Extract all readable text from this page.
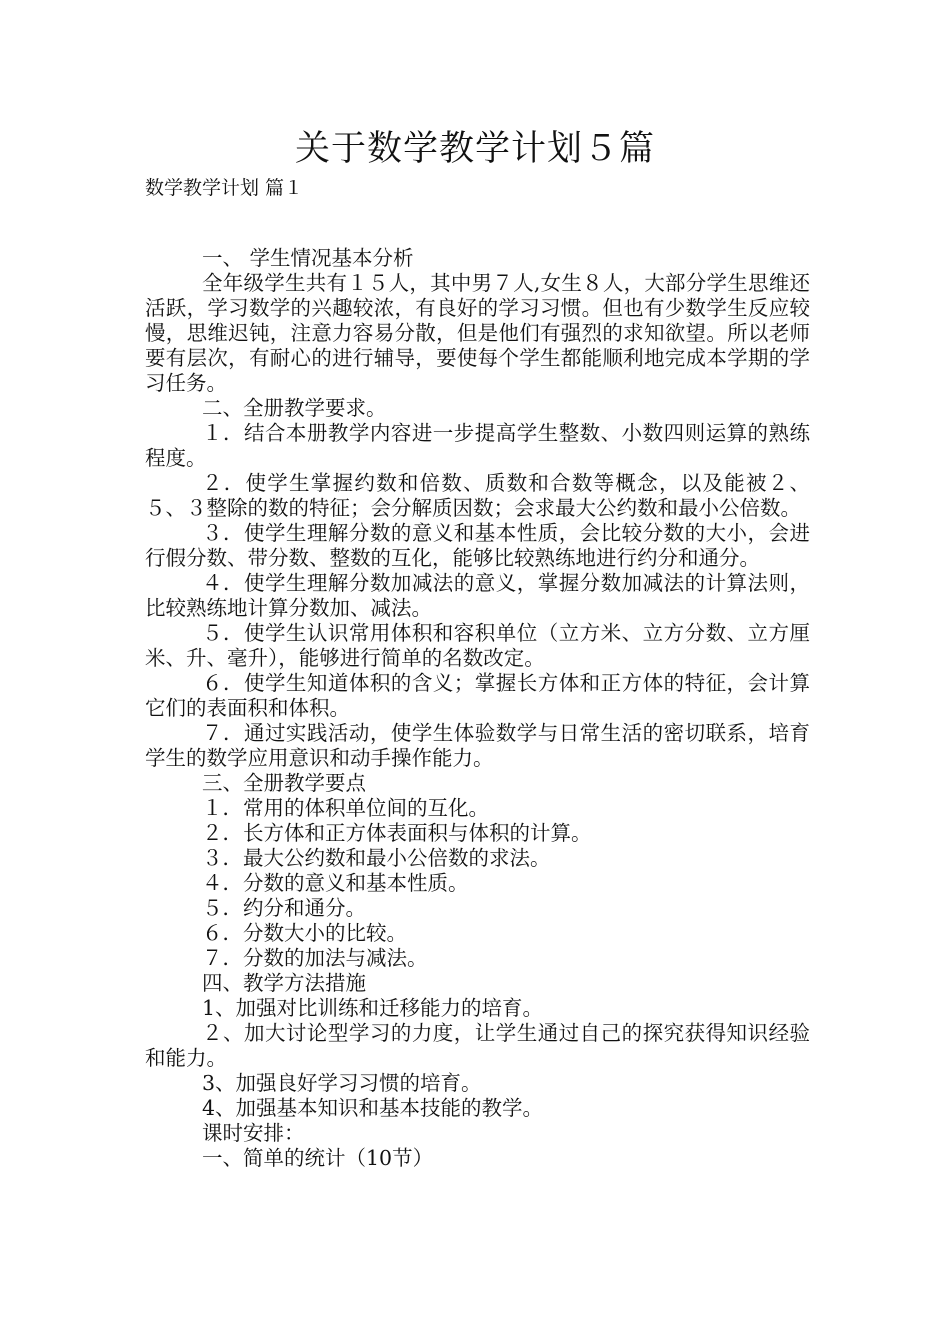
关于数学教学计划５篇
数学教学计划 篇１

一、 学生情况基本分析

全年级学生共有１５人，其中男７人,女生８人，大部分学生思维还活跃，学习数学的兴趣较浓，有良好的学习习惯。但也有少数学生反应较慢，思维迟钝，注意力容易分散，但是他们有强烈的求知欲望。所以老师要有层次，有耐心的进行辅导，要使每个学生都能顺利地完成本学期的学习任务。

二、全册教学要求。

１．结合本册教学内容进一步提高学生整数、小数四则运算的熟练程度。

２．使学生掌握约数和倍数、质数和合数等概念，以及能被２、５、３整除的数的特征；会分解质因数；会求最大公约数和最小公倍数。

３．使学生理解分数的意义和基本性质，会比较分数的大小，会进行假分数、带分数、整数的互化，能够比较熟练地进行约分和通分。

４．使学生理解分数加减法的意义，掌握分数加减法的计算法则，比较熟练地计算分数加、减法。

５．使学生认识常用体积和容积单位（立方米、立方分数、立方厘米、升、毫升），能够进行简单的名数改定。

６．使学生知道体积的含义；掌握长方体和正方体的特征，会计算它们的表面积和体积。

７．通过实践活动，使学生体验数学与日常生活的密切联系，培育学生的数学应用意识和动手操作能力。

三、全册教学要点

１．常用的体积单位间的互化。

２．长方体和正方体表面积与体积的计算。

３．最大公约数和最小公倍数的求法。

４．分数的意义和基本性质。

５．约分和通分。

６．分数大小的比较。

７．分数的加法与减法。

四、教学方法措施

1、加强对比训练和迁移能力的培育。

２、加大讨论型学习的力度，让学生通过自己的探究获得知识经验和能力。

3、加强良好学习习惯的培育。

4、加强基本知识和基本技能的教学。

课时安排：

一、简单的统计（10节）
